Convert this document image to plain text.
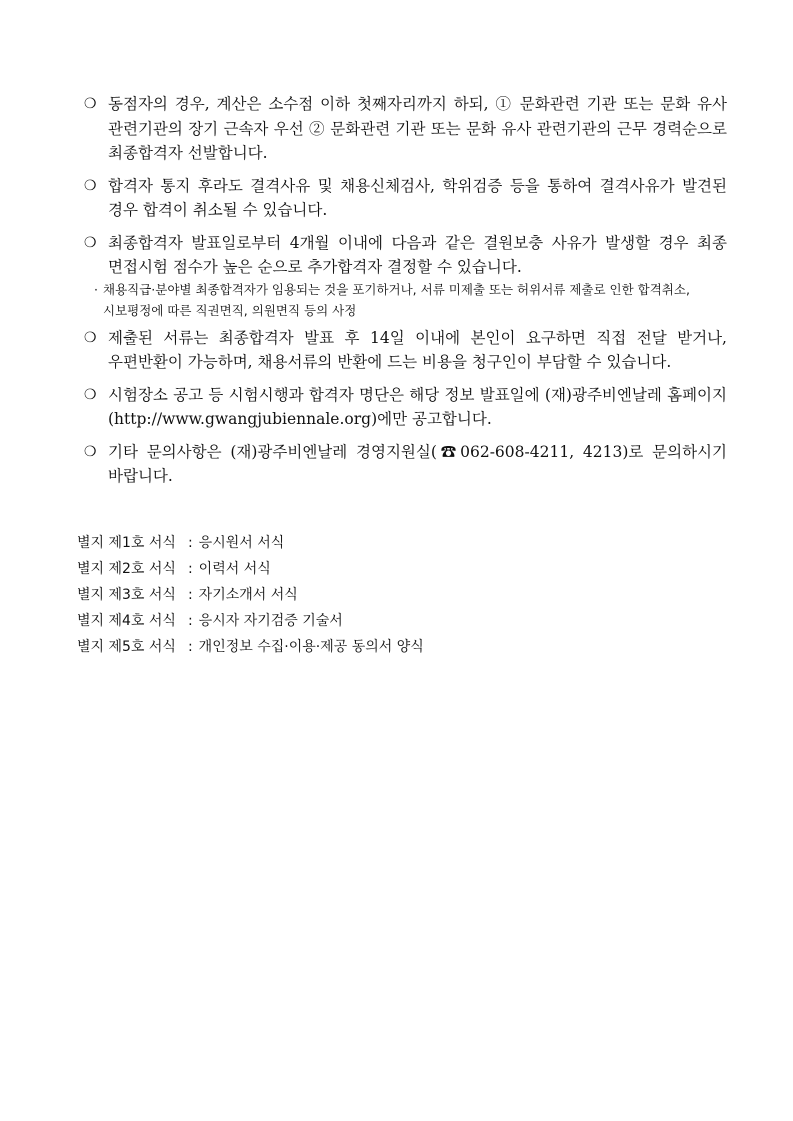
❍ 동점자의 경우, 계산은 소수점 이하 첫째자리까지 하되, ① 문화관련 기관 또는 문화 유사 관련기관의 장기 근속자 우선 ② 문화관련 기관 또는 문화 유사 관련기관의 근무 경력순으로 최종합격자 선발합니다.
❍ 합격자 통지 후라도 결격사유 및 채용신체검사, 학위검증 등을 통하여 결격사유가 발견된 경우 합격이 취소될 수 있습니다.
❍ 최종합격자 발표일로부터 4개월 이내에 다음과 같은 결원보충 사유가 발생할 경우 최종 면접시험 점수가 높은 순으로 추가합격자 결정할 수 있습니다.
· 채용직급·분야별 최종합격자가 임용되는 것을 포기하거나, 서류 미제출 또는 허위서류 제출로 인한 합격취소, 시보평정에 따른 직권면직, 의원면직 등의 사정
❍ 제출된 서류는 최종합격자 발표 후 14일 이내에 본인이 요구하면 직접 전달 받거나, 우편반환이 가능하며, 채용서류의 반환에 드는 비용을 청구인이 부담할 수 있습니다.
❍ 시험장소 공고 등 시험시행과 합격자 명단은 해당 정보 발표일에 (재)광주비엔날레 홈페이지(http://www.gwangjubiennale.org)에만 공고합니다.
❍ 기타 문의사항은 (재)광주비엔날레 경영지원실(☎062-608-4211, 4213)로 문의하시기 바랍니다.
별지 제1호 서식 : 응시원서 서식
별지 제2호 서식 : 이력서 서식
별지 제3호 서식 : 자기소개서 서식
별지 제4호 서식 : 응시자 자기검증 기술서
별지 제5호 서식 : 개인정보 수집·이용·제공 동의서 양식
